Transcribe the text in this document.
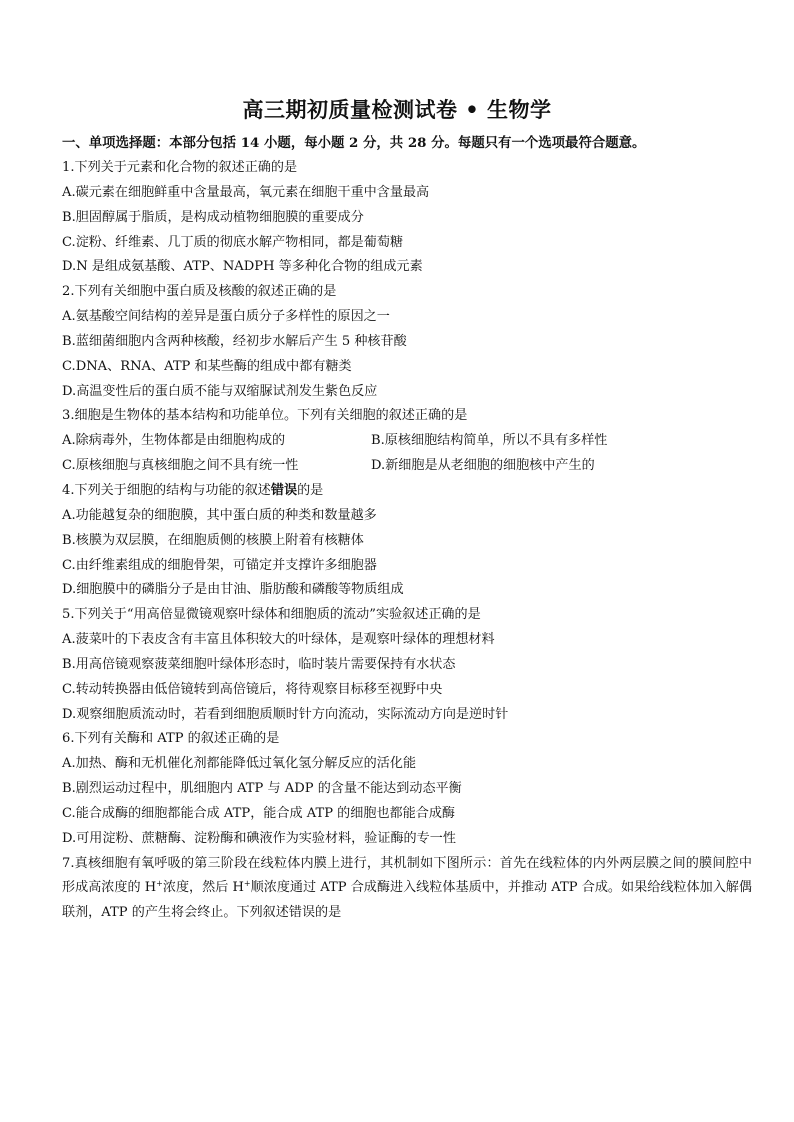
高三期初质量检测试卷 • 生物学
一、单项选择题：本部分包括 14 小题，每小题 2 分，共 28 分。每题只有一个选项最符合题意。
1.下列关于元素和化合物的叙述正确的是
A.碳元素在细胞鲜重中含量最高，氧元素在细胞干重中含量最高
B.胆固醇属于脂质，是构成动植物细胞膜的重要成分
C.淀粉、纤维素、几丁质的彻底水解产物相同，都是葡萄糖
D.N 是组成氨基酸、ATP、NADPH 等多种化合物的组成元素
2.下列有关细胞中蛋白质及核酸的叙述正确的是
A.氨基酸空间结构的差异是蛋白质分子多样性的原因之一
B.蓝细菌细胞内含两种核酸，经初步水解后产生 5 种核苷酸
C.DNA、RNA、ATP 和某些酶的组成中都有糖类
D.高温变性后的蛋白质不能与双缩脲试剂发生紫色反应
3.细胞是生物体的基本结构和功能单位。下列有关细胞的叙述正确的是
A.除病毒外，生物体都是由细胞构成的	B.原核细胞结构简单，所以不具有多样性
C.原核细胞与真核细胞之间不具有统一性	D.新细胞是从老细胞的细胞核中产生的
4.下列关于细胞的结构与功能的叙述错误的是
A.功能越复杂的细胞膜，其中蛋白质的种类和数量越多
B.核膜为双层膜，在细胞质侧的核膜上附着有核糖体
C.由纤维素组成的细胞骨架，可锚定并支撑许多细胞器
D.细胞膜中的磷脂分子是由甘油、脂肪酸和磷酸等物质组成
5.下列关于“用高倍显微镜观察叶绿体和细胞质的流动”实验叙述正确的是
A.菠菜叶的下表皮含有丰富且体积较大的叶绿体，是观察叶绿体的理想材料
B.用高倍镜观察菠菜细胞叶绿体形态时，临时装片需要保持有水状态
C.转动转换器由低倍镜转到高倍镜后，将待观察目标移至视野中央
D.观察细胞质流动时，若看到细胞质顺时针方向流动，实际流动方向是逆时针
6.下列有关酶和 ATP 的叙述正确的是
A.加热、酶和无机催化剂都能降低过氧化氢分解反应的活化能
B.剧烈运动过程中，肌细胞内 ATP 与 ADP 的含量不能达到动态平衡
C.能合成酶的细胞都能合成 ATP，能合成 ATP 的细胞也都能合成酶
D.可用淀粉、蔗糖酶、淀粉酶和碘液作为实验材料，验证酶的专一性
7.真核细胞有氧呼吸的第三阶段在线粒体内膜上进行，其机制如下图所示：首先在线粒体的内外两层膜之间的膜间腔中形成高浓度的 H+浓度，然后 H+顺浓度通过 ATP 合成酶进入线粒体基质中，并推动 ATP 合成。如果给线粒体加入解偶联剂，ATP 的产生将会终止。下列叙述错误的是
